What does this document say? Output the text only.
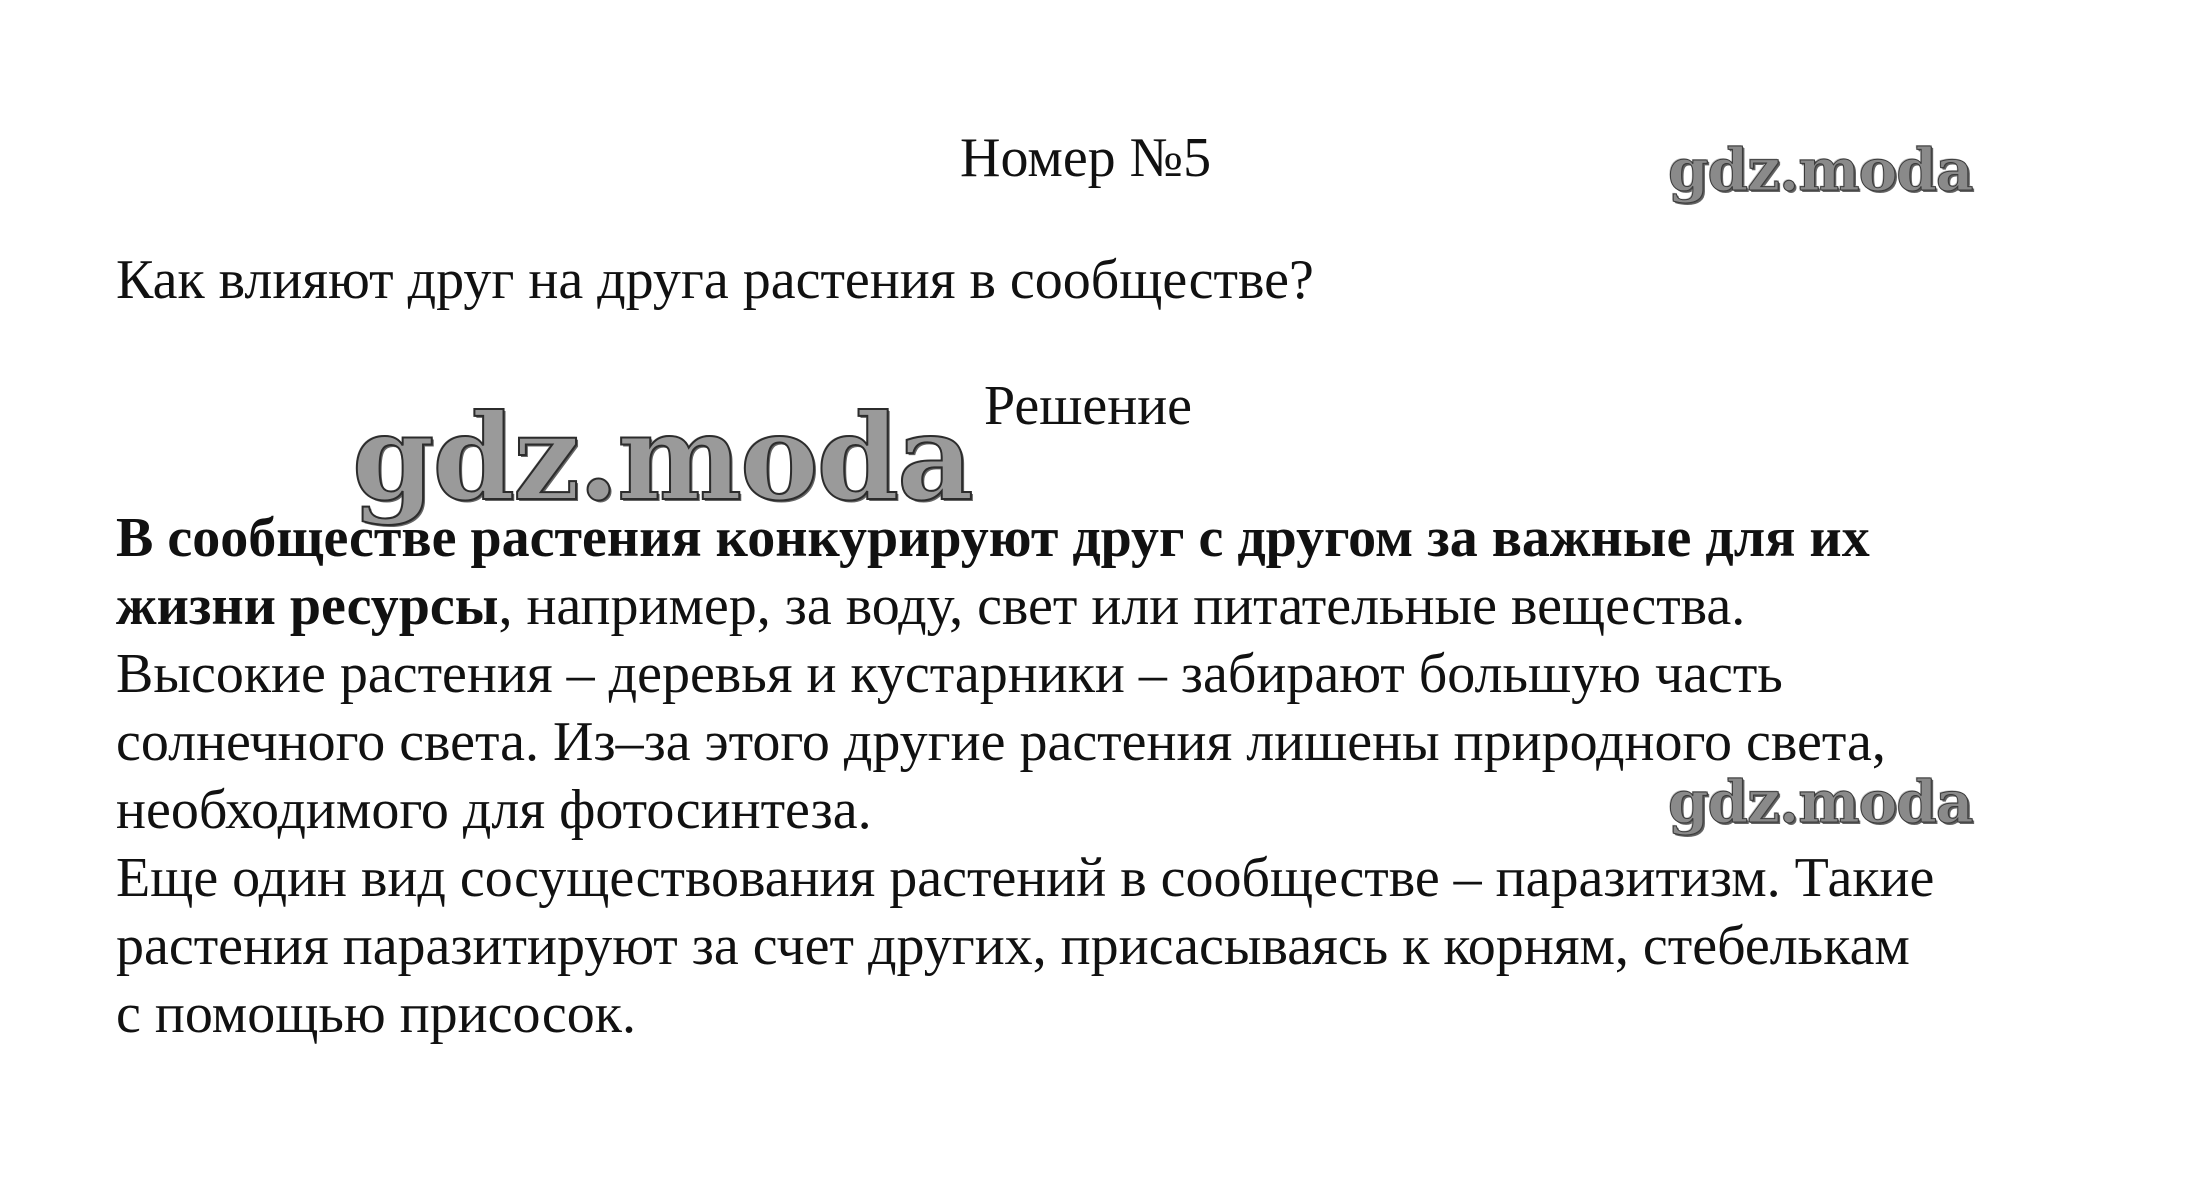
gdz.moda
gdz.moda
gdz.moda
Номер №5
Как влияют друг на друга растения в сообществе?
Решение
В сообществе растения конкурируют друг с другом за важные для их
жизни ресурсы, например, за воду, свет или питательные вещества.
Высокие растения – деревья и кустарники – забирают большую часть
солнечного света. Из–за этого другие растения лишены природного света,
необходимого для фотосинтеза.
Еще один вид сосуществования растений в сообществе – паразитизм. Такие
растения паразитируют за счет других, присасываясь к корням, стебелькам
с помощью присосок.
